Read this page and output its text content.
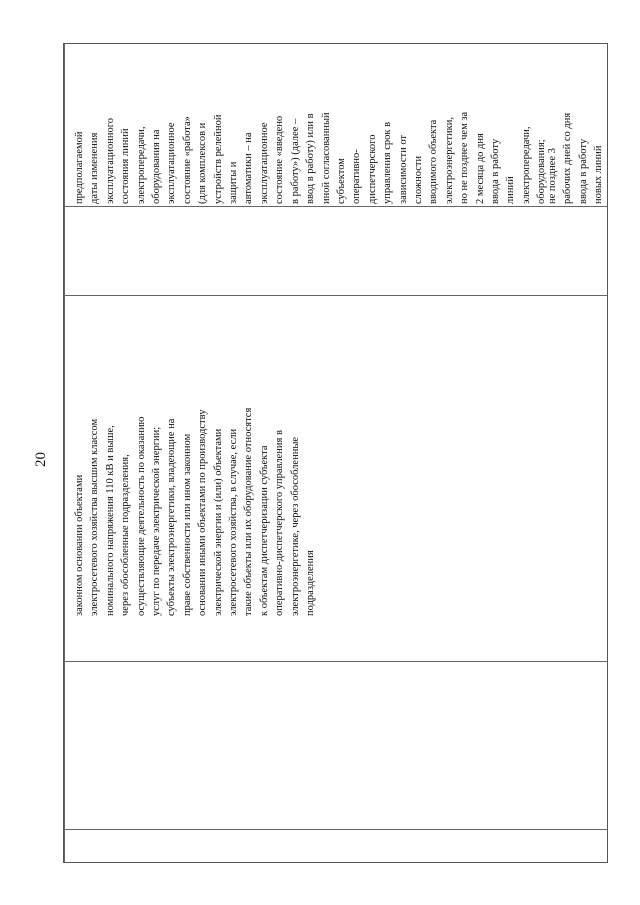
20
законном основании объектами электросетевого хозяйства высшим классом номинального напряжения 110 кВ и выше, через обособленные подразделения, осуществляющие деятельность по оказанию услуг по передаче электрической энергии; субъекты электроэнергетики, владеющие на праве собственности или ином законном основании иными объектами по производству электрической энергии и (или) объектами электросетевого хозяйства, в случае, если такие объекты или их оборудование относятся к объектам диспетчеризации субъекта оперативно-диспетчерского управления в электроэнергетике, через обособленные подразделения
предполагаемой даты изменения эксплуатационного состояния линий электропередачи, оборудования на эксплуатационное состояние «работа» (для комплексов и устройств релейной защиты и автоматики – на эксплуатационное состояние «введено в работу») (далее – ввод в работу) или в иной согласованный субъектом оперативно- диспетчерского управления срок в зависимости от сложности вводимого объекта электроэнергетики, но не позднее чем за 2 месяца до дня ввода в работу линий электропередачи, оборудования; не позднее 3 рабочих дней со дня ввода в работу новых линий
